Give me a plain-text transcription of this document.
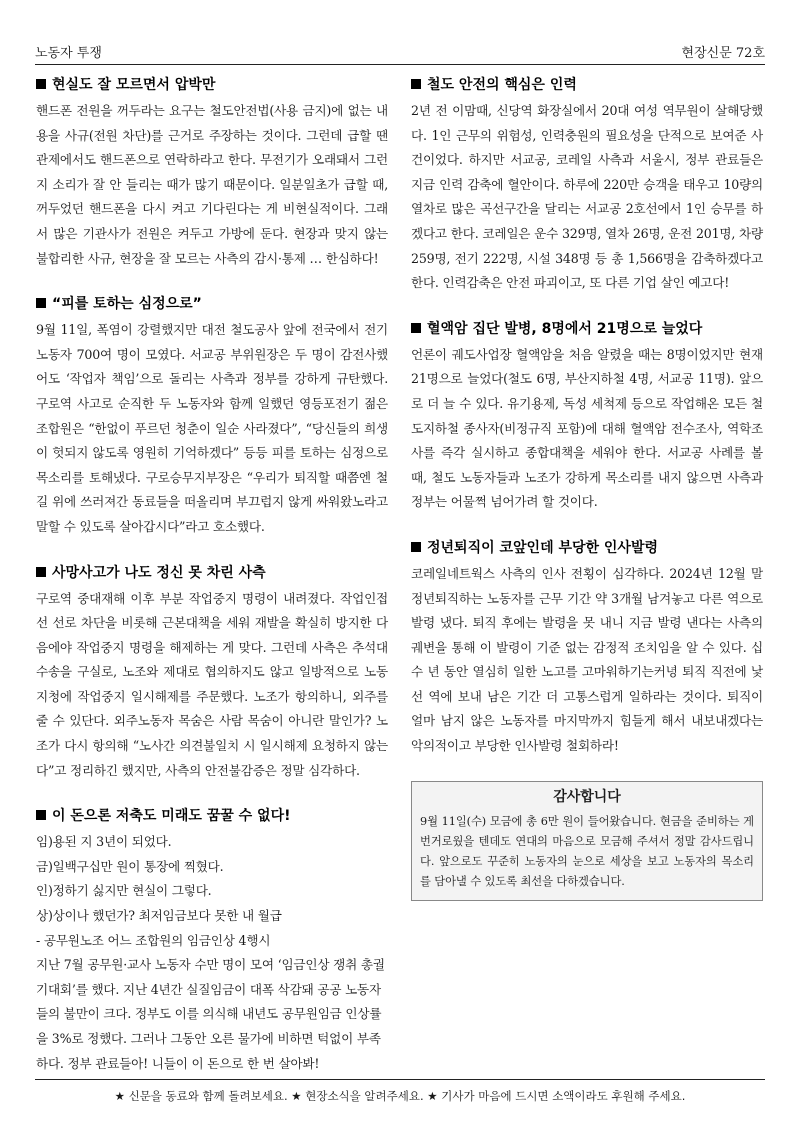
노동자 투쟁	현장신문 72호
현실도 잘 모르면서 압박만

핸드폰 전원을 꺼두라는 요구는 철도안전법(사용 금지)에 없는 내용을 사규(전원 차단)를 근거로 주장하는 것이다. 그런데 급할 땐 관제에서도 핸드폰으로 연락하라고 한다. 무전기가 오래돼서 그런지 소리가 잘 안 들리는 때가 많기 때문이다. 일분일초가 급할 때, 꺼두었던 핸드폰을 다시 켜고 기다린다는 게 비현실적이다. 그래서 많은 기관사가 전원은 켜두고 가방에 둔다. 현장과 맞지 않는 불합리한 사규, 현장을 잘 모르는 사측의 감시·통제 … 한심하다!

“피를 토하는 심정으로”

9월 11일, 폭염이 강렬했지만 대전 철도공사 앞에 전국에서 전기노동자 700여 명이 모였다. 서교공 부위원장은 두 명이 감전사했어도 ‘작업자 책임’으로 돌리는 사측과 정부를 강하게 규탄했다. 구로역 사고로 순직한 두 노동자와 함께 일했던 영등포전기 젊은 조합원은 “한없이 푸르던 청춘이 일순 사라졌다”, “당신들의 희생이 헛되지 않도록 영원히 기억하겠다” 등등 피를 토하는 심정으로 목소리를 토해냈다. 구로승무지부장은 “우리가 퇴직할 때쯤엔 철길 위에 쓰러져간 동료들을 떠올리며 부끄럽지 않게 싸워왔노라고 말할 수 있도록 살아갑시다”라고 호소했다.

사망사고가 나도 정신 못 차린 사측

구로역 중대재해 이후 부분 작업중지 명령이 내려졌다. 작업인접선 선로 차단을 비롯해 근본대책을 세워 재발을 확실히 방지한 다음에야 작업중지 명령을 해제하는 게 맞다. 그런데 사측은 추석대수송을 구실로, 노조와 제대로 협의하지도 않고 일방적으로 노동지청에 작업중지 일시해제를 주문했다. 노조가 항의하니, 외주를 줄 수 있단다. 외주노동자 목숨은 사람 목숨이 아니란 말인가? 노조가 다시 항의해 “노사간 의견불일치 시 일시해제 요청하지 않는다”고 정리하긴 했지만, 사측의 안전불감증은 정말 심각하다.

이 돈으론 저축도 미래도 꿈꿀 수 없다!

임)용된 지 3년이 되었다.

금)일백구십만 원이 통장에 찍혔다.

인)정하기 싫지만 현실이 그렇다.

상)상이나 했던가? 최저임금보다 못한 내 월급

- 공무원노조 어느 조합원의 임금인상 4행시

지난 7월 공무원·교사 노동자 수만 명이 모여 ‘임금인상 쟁취 총궐기대회’를 했다. 지난 4년간 실질임금이 대폭 삭감돼 공공 노동자들의 불만이 크다. 정부도 이를 의식해 내년도 공무원임금 인상률을 3%로 정했다. 그러나 그동안 오른 물가에 비하면 턱없이 부족하다. 정부 관료들아! 니들이 이 돈으로 한 번 살아봐!

철도 안전의 핵심은 인력

2년 전 이맘때, 신당역 화장실에서 20대 여성 역무원이 살해당했다. 1인 근무의 위험성, 인력충원의 필요성을 단적으로 보여준 사건이었다. 하지만 서교공, 코레일 사측과 서울시, 정부 관료들은 지금 인력 감축에 혈안이다. 하루에 220만 승객을 태우고 10량의 열차로 많은 곡선구간을 달리는 서교공 2호선에서 1인 승무를 하겠다고 한다. 코레일은 운수 329명, 열차 26명, 운전 201명, 차량 259명, 전기 222명, 시설 348명 등 총 1,566명을 감축하겠다고 한다. 인력감축은 안전 파괴이고, 또 다른 기업 살인 예고다!

혈액암 집단 발병, 8명에서 21명으로 늘었다

언론이 궤도사업장 혈액암을 처음 알렸을 때는 8명이었지만 현재 21명으로 늘었다(철도 6명, 부산지하철 4명, 서교공 11명). 앞으로 더 늘 수 있다. 유기용제, 독성 세척제 등으로 작업해온 모든 철도지하철 종사자(비정규직 포함)에 대해 혈액암 전수조사, 역학조사를 즉각 실시하고 종합대책을 세워야 한다. 서교공 사례를 볼 때, 철도 노동자들과 노조가 강하게 목소리를 내지 않으면 사측과 정부는 어물쩍 넘어가려 할 것이다.

정년퇴직이 코앞인데 부당한 인사발령

코레일네트웍스 사측의 인사 전횡이 심각하다. 2024년 12월 말 정년퇴직하는 노동자를 근무 기간 약 3개월 남겨놓고 다른 역으로 발령 냈다. 퇴직 후에는 발령을 못 내니 지금 발령 낸다는 사측의 궤변을 통해 이 발령이 기준 없는 감정적 조치임을 알 수 있다. 십수 년 동안 열심히 일한 노고를 고마워하기는커녕 퇴직 직전에 낯선 역에 보내 남은 기간 더 고통스럽게 일하라는 것이다. 퇴직이 얼마 남지 않은 노동자를 마지막까지 힘들게 해서 내보내겠다는 악의적이고 부당한 인사발령 철회하라!

감사합니다

9월 11일(수) 모금에 총 6만 원이 들어왔습니다. 현금을 준비하는 게 번거로웠을 텐데도 연대의 마음으로 모금해 주셔서 정말 감사드립니다. 앞으로도 꾸준히 노동자의 눈으로 세상을 보고 노동자의 목소리를 담아낼 수 있도록 최선을 다하겠습니다.

★ 신문을 동료와 함께 돌려보세요. ★ 현장소식을 알려주세요. ★ 기사가 마음에 드시면 소액이라도 후원해 주세요.
